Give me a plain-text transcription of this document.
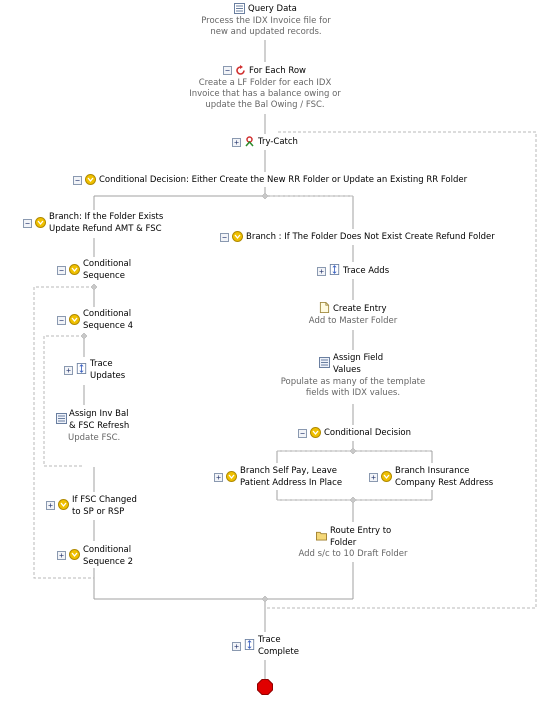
Query Data
Process the IDX Invoice file for
new and updated records.
− For Each Row
Create a LF Folder for each IDX
Invoice that has a balance owing or
update the Bal Owing / FSC.
+ Try-Catch
− Conditional Decision: Either Create the New RR Folder or Update an Existing RR Folder
−
Branch: If the Folder Exists
Update Refund AMT & FSC
− Branch : If The Folder Does Not Exist Create Refund Folder
−
Conditional
Sequence
−
Conditional
Sequence 4
+
Trace
Updates
Assign Inv Bal
& FSC Refresh
Update FSC.
+
If FSC Changed
to SP or RSP
+
Conditional
Sequence 2
+ Trace Adds
Create Entry
Add to Master Folder
Assign Field
Values
Populate as many of the template
fields with IDX values.
− Conditional Decision
+
Branch Self Pay, Leave
Patient Address In Place
+
Branch Insurance
Company Rest Address
Route Entry to
Folder
Add s/c to 10 Draft Folder
+
Trace
Complete
